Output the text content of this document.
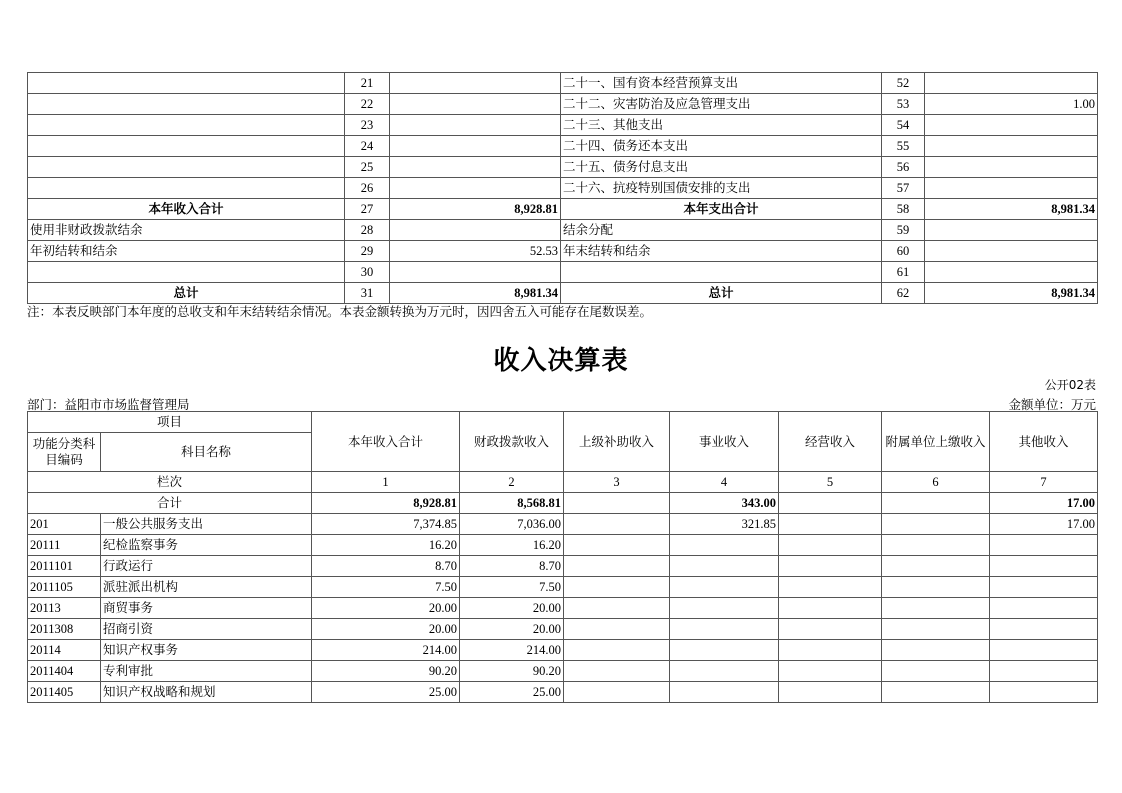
	21		二十一、国有资本经营预算支出	52	
	22		二十二、灾害防治及应急管理支出	53	1.00
	23		二十三、其他支出	54	
	24		二十四、债务还本支出	55	
	25		二十五、债务付息支出	56	
	26		二十六、抗疫特别国债安排的支出	57	
本年收入合计	27	8,928.81	本年支出合计	58	8,981.34
使用非财政拨款结余	28		结余分配	59	
年初结转和结余	29	52.53	年末结转和结余	60	
	30			61	
总计	31	8,981.34	总计	62	8,981.34
注：本表反映部门本年度的总收支和年末结转结余情况。本表金额转换为万元时，因四舍五入可能存在尾数误差。
收入决算表
公开02表
部门：益阳市市场监督管理局	金额单位：万元
项目		本年收入合计	财政拨款收入	上级补助收入	事业收入	经营收入	附属单位上缴收入	其他收入
功能分类科目编码	科目名称							
栏次		1	2	3	4	5	6	7
合计		8,928.81	8,568.81		343.00			17.00
201	一般公共服务支出	7,374.85	7,036.00		321.85			17.00
20111	纪检监察事务	16.20	16.20					
2011101	行政运行	8.70	8.70					
2011105	派驻派出机构	7.50	7.50					
20113	商贸事务	20.00	20.00					
2011308	招商引资	20.00	20.00					
20114	知识产权事务	214.00	214.00					
2011404	专利审批	90.20	90.20					
2011405	知识产权战略和规划	25.00	25.00					
